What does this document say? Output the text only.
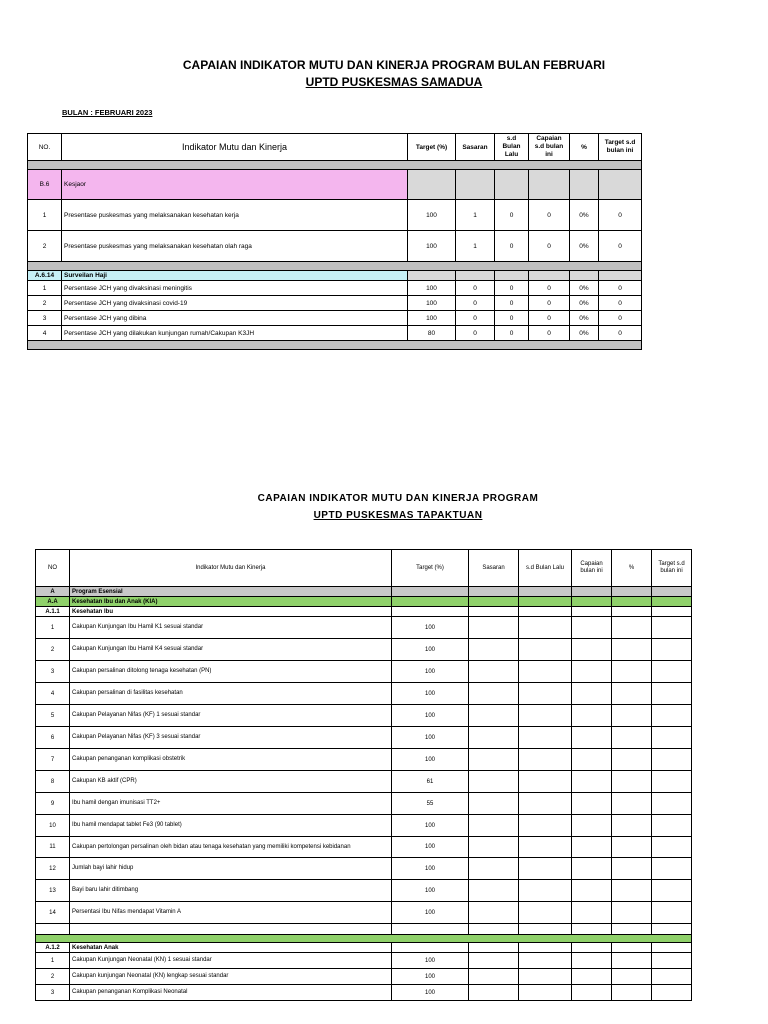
CAPAIAN INDIKATOR MUTU DAN KINERJA PROGRAM BULAN FEBRUARI
UPTD PUSKESMAS SAMADUA
BULAN : FEBRUARI 2023
NO.	Indikator Mutu dan Kinerja	Target (%)	Sasaran	s.d Bulan Lalu	Capaian s.d bulan ini	%	Target s.d bulan ini

B.6	Kesjaor						
1	Presentase puskesmas yang melaksanakan kesehatan kerja	100	1	0	0	0%	0
2	Presentase puskesmas yang melaksanakan kesehatan olah raga	100	1	0	0	0%	0

A.6.14	Surveilan Haji						
1	Persentase JCH yang divaksinasi meningitis	100	0	0	0	0%	0
2	Persentase JCH yang divaksinasi covid-19	100	0	0	0	0%	0
3	Persentase JCH yang dibina	100	0	0	0	0%	0
4	Persentase JCH yang dilakukan kunjungan rumah/Cakupan K3JH	80	0	0	0	0%	0

CAPAIAN INDIKATOR MUTU DAN KINERJA PROGRAM
UPTD PUSKESMAS TAPAKTUAN
NO	Indikator Mutu dan Kinerja	Target (%)	Sasaran	s.d Bulan Lalu	Capaian bulan ini	%	Target s.d bulan ini
A	Program Esensial						
A.A	Kesehatan Ibu dan Anak (KIA)						
A.1.1	Kesehatan Ibu						
1	Cakupan Kunjungan Ibu Hamil K1 sesuai standar	100					
2	Cakupan Kunjungan Ibu Hamil K4 sesuai standar	100					
3	Cakupan persalinan ditolong tenaga kesehatan (PN)	100					
4	Cakupan persalinan di fasilitas kesehatan	100					
5	Cakupan Pelayanan Nifas (KF) 1 sesuai standar	100					
6	Cakupan Pelayanan Nifas (KF) 3 sesuai standar	100					
7	Cakupan penanganan komplikasi obstetrik	100					
8	Cakupan KB aktif (CPR)	61					
9	Ibu hamil dengan imunisasi TT2+	55					
10	Ibu hamil mendapat tablet Fe3 (90 tablet)	100					
11	Cakupan pertolongan persalinan oleh bidan atau tenaga kesehatan yang memiliki kompetensi kebidanan	100					
12	Jumlah bayi lahir hidup	100					
13	Bayi baru lahir ditimbang	100					
14	Persentasi Ibu Nifas mendapat Vitamin A	100					

A.1.2	Kesehatan Anak						
1	Cakupan Kunjungan Neonatal (KN) 1 sesuai standar	100					
2	Cakupan kunjungan Neonatal (KN) lengkap sesuai standar	100					
3	Cakupan penanganan Komplikasi Neonatal	100					
